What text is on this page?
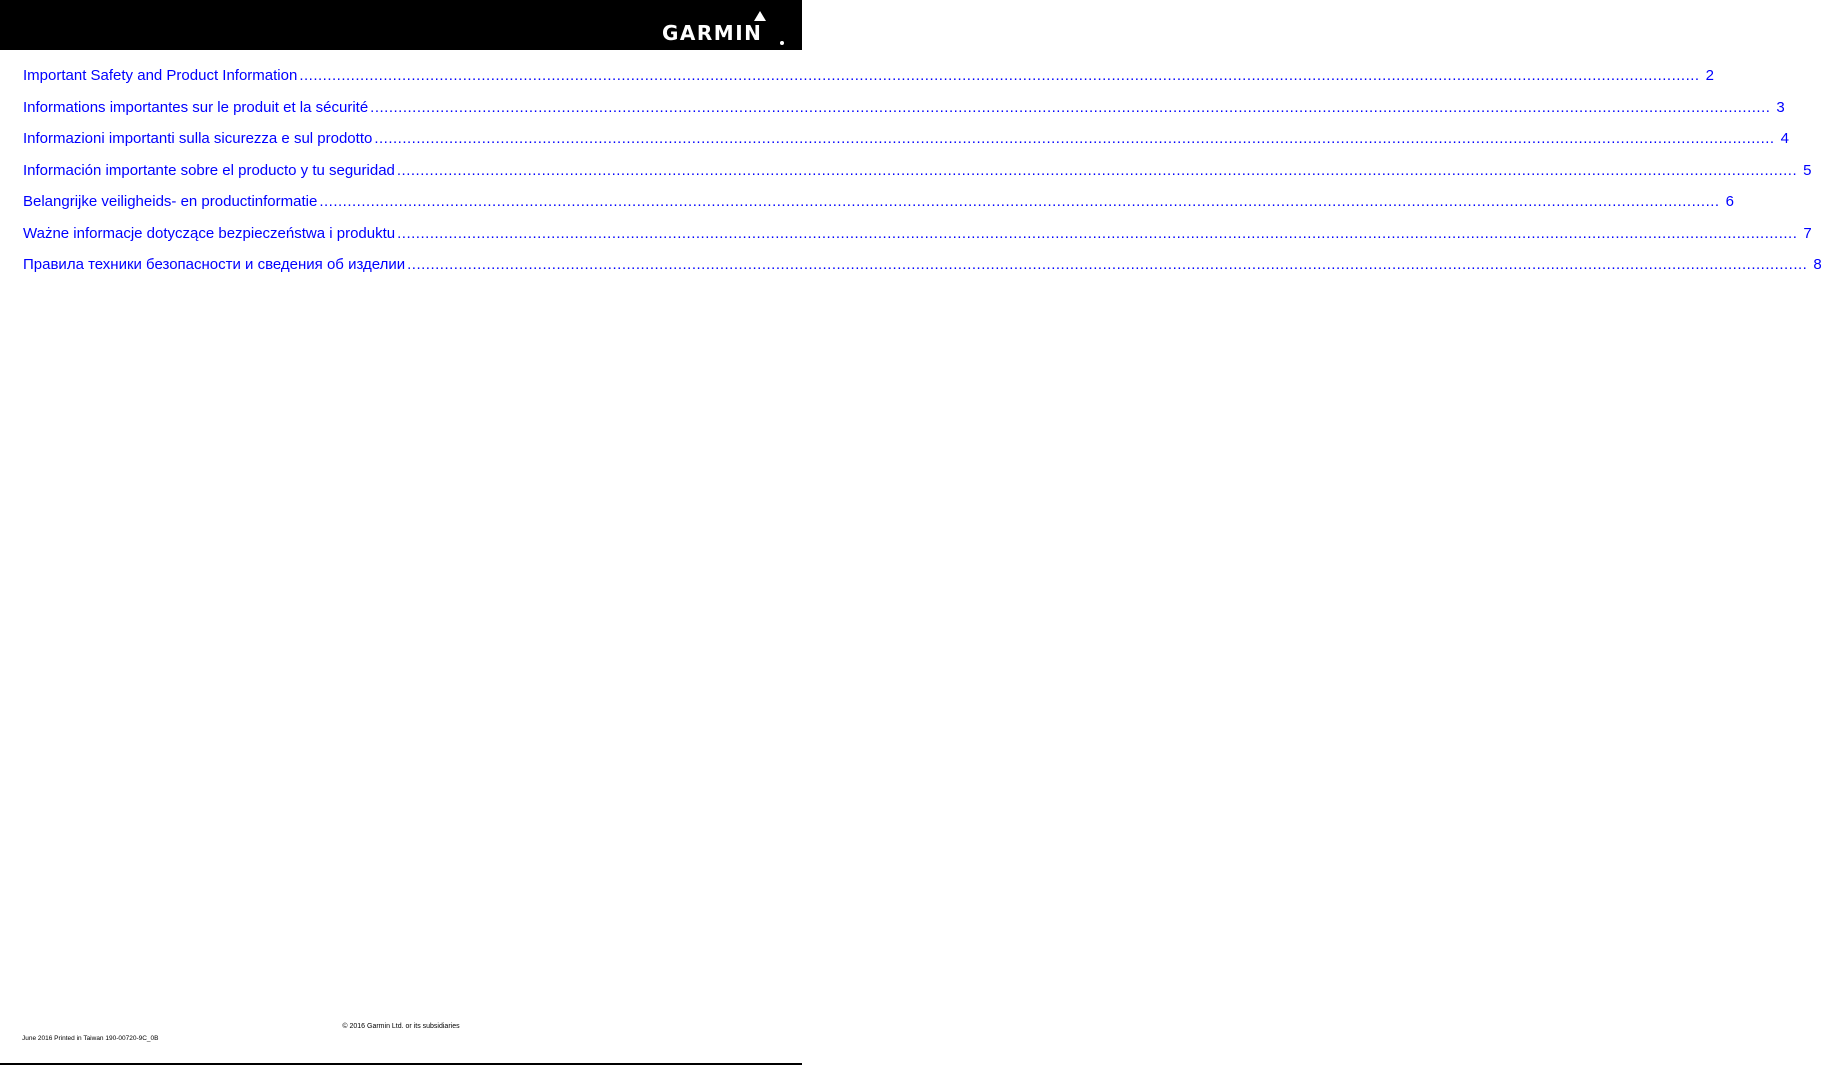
GARMIN
Important Safety and Product Information ............................................................................................................................................................................................................................................................................................................ 2
Informations importantes sur le produit et la sécurité ............................................................................................................................................................................................................................................................................................................ 3
Informazioni importanti sulla sicurezza e sul prodotto ............................................................................................................................................................................................................................................................................................................ 4
Información importante sobre el producto y tu seguridad ............................................................................................................................................................................................................................................................................................................ 5
Belangrijke veiligheids- en productinformatie ............................................................................................................................................................................................................................................................................................................ 6
Ważne informacje dotyczące bezpieczeństwa i produktu ............................................................................................................................................................................................................................................................................................................ 7
Правила техники безопасности и сведения об изделии ............................................................................................................................................................................................................................................................................................................ 8
© 2016 Garmin Ltd. or its subsidiaries
June 2016 Printed in Taiwan 190-00720-9C_0B
